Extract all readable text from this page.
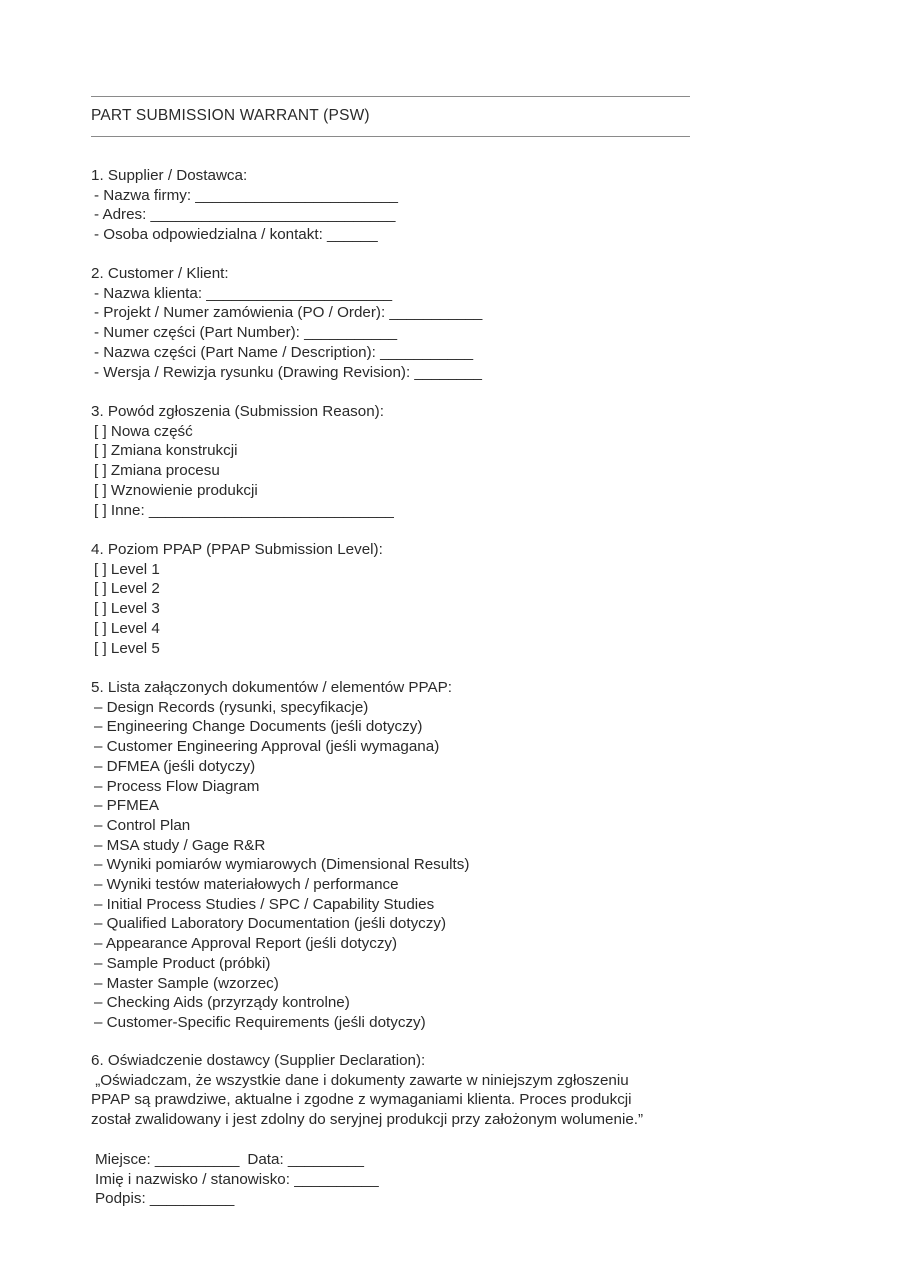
PART SUBMISSION WARRANT (PSW)
1. Supplier / Dostawca:
- Nazwa firmy: ________________________
- Adres: _____________________________
- Osoba odpowiedzialna / kontakt: ______
2. Customer / Klient:
- Nazwa klienta: ______________________
- Projekt / Numer zamówienia (PO / Order): ___________
- Numer części (Part Number): ___________
- Nazwa części (Part Name / Description): ___________
- Wersja / Rewizja rysunku (Drawing Revision): ________
3. Powód zgłoszenia (Submission Reason):
[ ] Nowa część
[ ] Zmiana konstrukcji
[ ] Zmiana procesu
[ ] Wznowienie produkcji
[ ] Inne: _____________________________
4. Poziom PPAP (PPAP Submission Level):
[ ] Level 1
[ ] Level 2
[ ] Level 3
[ ] Level 4
[ ] Level 5
5. Lista załączonych dokumentów / elementów PPAP:
– Design Records (rysunki, specyfikacje)
– Engineering Change Documents (jeśli dotyczy)
– Customer Engineering Approval (jeśli wymagana)
– DFMEA (jeśli dotyczy)
– Process Flow Diagram
– PFMEA
– Control Plan
– MSA study / Gage R&R
– Wyniki pomiarów wymiarowych (Dimensional Results)
– Wyniki testów materiałowych / performance
– Initial Process Studies / SPC / Capability Studies
– Qualified Laboratory Documentation (jeśli dotyczy)
– Appearance Approval Report (jeśli dotyczy)
– Sample Product (próbki)
– Master Sample (wzorzec)
– Checking Aids (przyrządy kontrolne)
– Customer-Specific Requirements (jeśli dotyczy)
6. Oświadczenie dostawcy (Supplier Declaration):
„Oświadczam, że wszystkie dane i dokumenty zawarte w niniejszym zgłoszeniu
PPAP są prawdziwe, aktualne i zgodne z wymaganiami klienta. Proces produkcji
został zwalidowany i jest zdolny do seryjnej produkcji przy założonym wolumenie.”
Miejsce: __________ Data: _________
Imię i nazwisko / stanowisko: __________
Podpis: __________
